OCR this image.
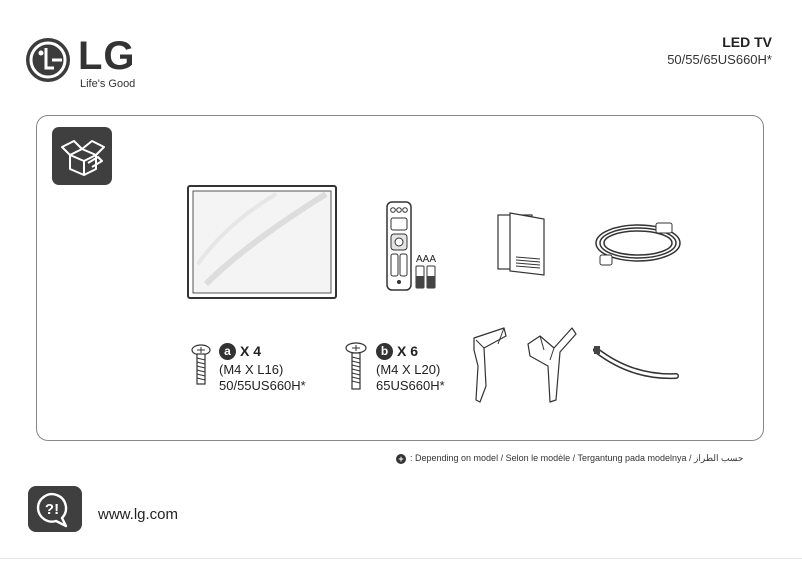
LG
Life's Good
LED TV
50/55/65US660H*
AAA
a X 4
(M4 X L16)
50/55US660H*
b X 6
(M4 X L20)
65US660H*
+ : Depending on model / Selon le modèle / Tergantung pada modelnya / حسب الطراز
?!	www.lg.com
